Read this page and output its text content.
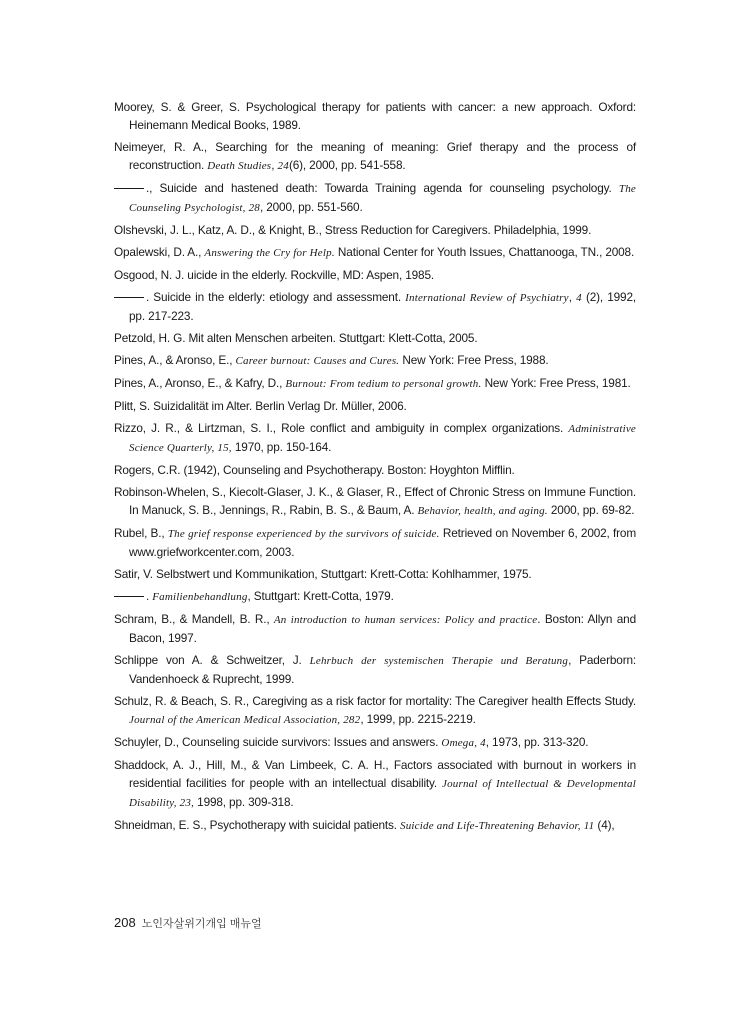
Moorey, S. & Greer, S. Psychological therapy for patients with cancer: a new approach. Oxford: Heinemann Medical Books, 1989.
Neimeyer, R. A., Searching for the meaning of meaning: Grief therapy and the process of reconstruction. Death Studies, 24(6), 2000, pp. 541-558.
., Suicide and hastened death: Towarda Training agenda for counseling psychology. The Counseling Psychologist, 28, 2000, pp. 551-560.
Olshevski, J. L., Katz, A. D., & Knight, B., Stress Reduction for Caregivers. Philadelphia, 1999.
Opalewski, D. A., Answering the Cry for Help. National Center for Youth Issues, Chattanooga, TN., 2008.
Osgood, N. J. uicide in the elderly. Rockville, MD: Aspen, 1985.
. Suicide in the elderly: etiology and assessment. International Review of Psychiatry, 4 (2), 1992, pp. 217-223.
Petzold, H. G. Mit alten Menschen arbeiten. Stuttgart: Klett-Cotta, 2005.
Pines, A., & Aronso, E., Career burnout: Causes and Cures. New York: Free Press, 1988.
Pines, A., Aronso, E., & Kafry, D., Burnout: From tedium to personal growth. New York: Free Press, 1981.
Plitt, S. Suizidalität im Alter. Berlin Verlag Dr. Müller, 2006.
Rizzo, J. R., & Lirtzman, S. I., Role conflict and ambiguity in complex organizations. Administrative Science Quarterly, 15, 1970, pp. 150-164.
Rogers, C.R. (1942), Counseling and Psychotherapy. Boston: Hoyghton Mifflin.
Robinson-Whelen, S., Kiecolt-Glaser, J. K., & Glaser, R., Effect of Chronic Stress on Immune Function. In Manuck, S. B., Jennings, R., Rabin, B. S., & Baum, A. Behavior, health, and aging. 2000, pp. 69-82.
Rubel, B., The grief response experienced by the survivors of suicide. Retrieved on November 6, 2002, from www.griefworkcenter.com, 2003.
Satir, V. Selbstwert und Kommunikation, Stuttgart: Krett-Cotta: Kohlhammer, 1975.
. Familienbehandlung, Stuttgart: Krett-Cotta, 1979.
Schram, B., & Mandell, B. R., An introduction to human services: Policy and practice. Boston: Allyn and Bacon, 1997.
Schlippe von A. & Schweitzer, J. Lehrbuch der systemischen Therapie und Beratung, Paderborn: Vandenhoeck & Ruprecht, 1999.
Schulz, R. & Beach, S. R., Caregiving as a risk factor for mortality: The Caregiver health Effects Study. Journal of the American Medical Association, 282, 1999, pp. 2215-2219.
Schuyler, D., Counseling suicide survivors: Issues and answers. Omega, 4, 1973, pp. 313-320.
Shaddock, A. J., Hill, M., & Van Limbeek, C. A. H., Factors associated with burnout in workers in residential facilities for people with an intellectual disability. Journal of Intellectual & Developmental Disability, 23, 1998, pp. 309-318.
Shneidman, E. S., Psychotherapy with suicidal patients. Suicide and Life-Threatening Behavior, 11 (4),
208 노인자살위기개입 매뉴얼
